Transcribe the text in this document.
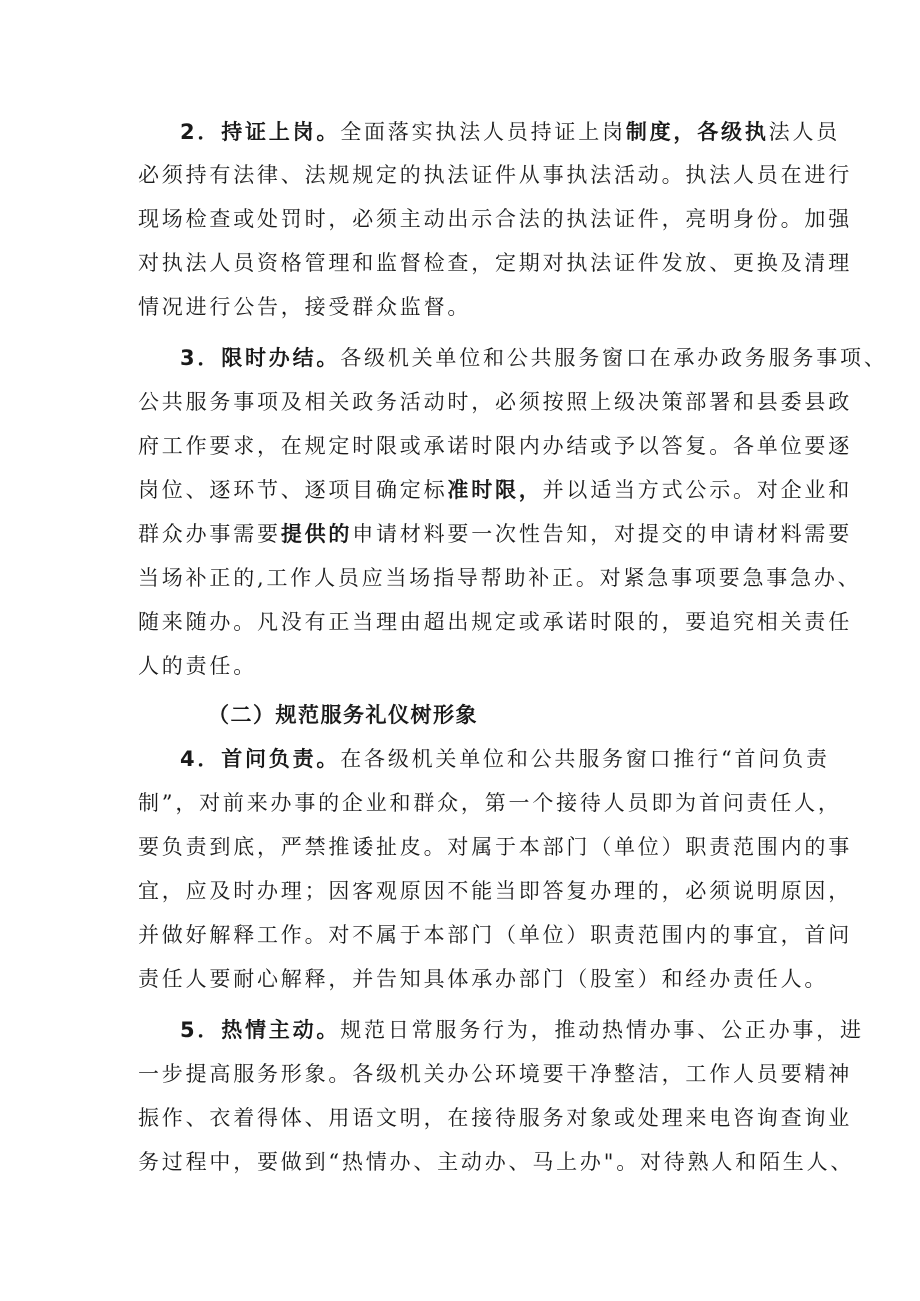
2．持证上岗。全面落实执法人员持证上岗制度，各级执法人员
必须持有法律、法规规定的执法证件从事执法活动。执法人员在进行
现场检查或处罚时，必须主动出示合法的执法证件，亮明身份。加强
对执法人员资格管理和监督检查，定期对执法证件发放、更换及清理
情况进行公告，接受群众监督。
3．限时办结。各级机关单位和公共服务窗口在承办政务服务事项、
公共服务事项及相关政务活动时，必须按照上级决策部署和县委县政
府工作要求，在规定时限或承诺时限内办结或予以答复。各单位要逐
岗位、逐环节、逐项目确定标准时限，并以适当方式公示。对企业和
群众办事需要提供的申请材料要一次性告知，对提交的申请材料需要
当场补正的,工作人员应当场指导帮助补正。对紧急事项要急事急办、
随来随办。凡没有正当理由超出规定或承诺时限的，要追究相关责任
人的责任。
（二）规范服务礼仪树形象
4．首问负责。在各级机关单位和公共服务窗口推行“首问负责
制”，对前来办事的企业和群众，第一个接待人员即为首问责任人，
要负责到底，严禁推诿扯皮。对属于本部门（单位）职责范围内的事
宜，应及时办理；因客观原因不能当即答复办理的，必须说明原因，
并做好解释工作。对不属于本部门（单位）职责范围内的事宜，首问
责任人要耐心解释，并告知具体承办部门（股室）和经办责任人。
5．热情主动。规范日常服务行为，推动热情办事、公正办事，进
一步提高服务形象。各级机关办公环境要干净整洁，工作人员要精神
振作、衣着得体、用语文明，在接待服务对象或处理来电咨询查询业
务过程中，要做到“热情办、主动办、马上办"。对待熟人和陌生人、
